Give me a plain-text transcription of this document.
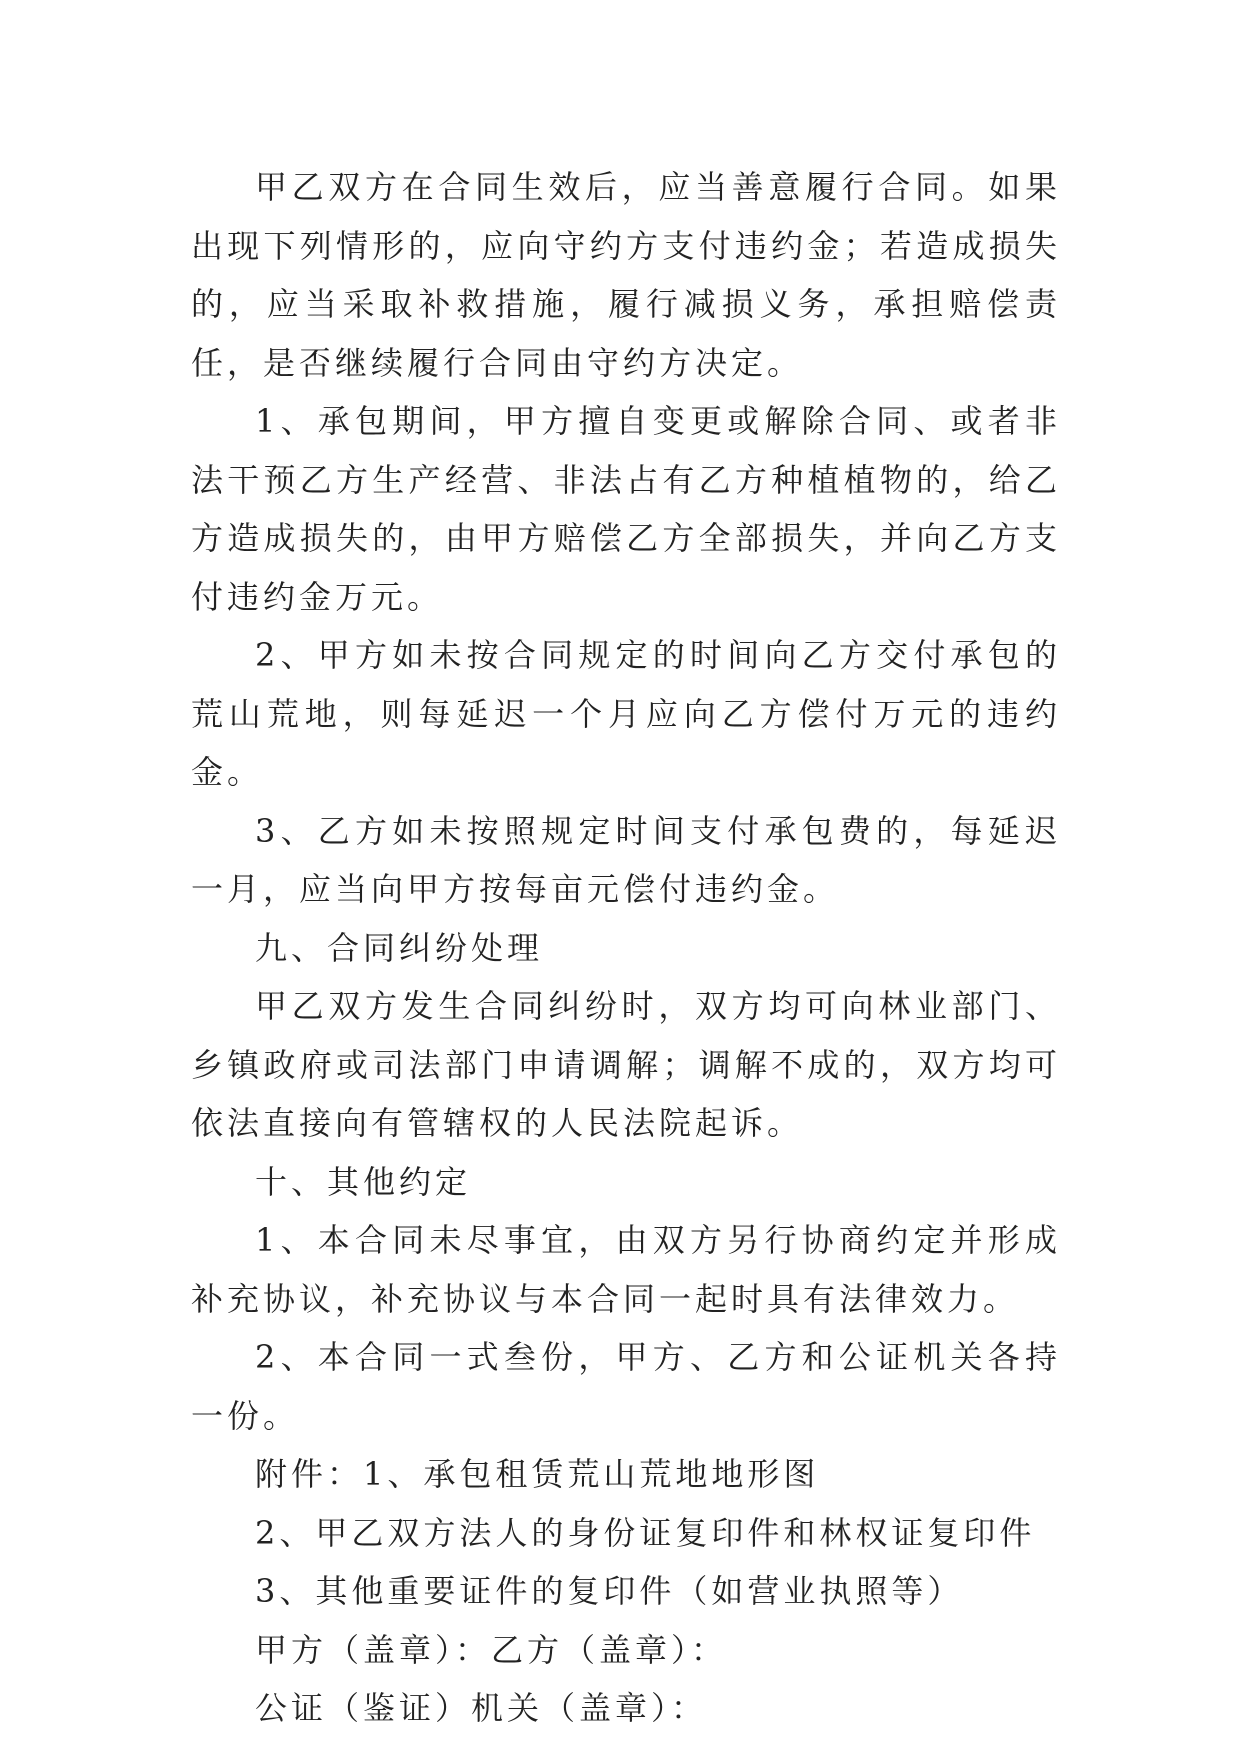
甲乙双方在合同生效后，应当善意履行合同。如果出现下列情形的，应向守约方支付违约金；若造成损失的，应当采取补救措施，履行减损义务，承担赔偿责任，是否继续履行合同由守约方决定。

1、承包期间，甲方擅自变更或解除合同、或者非法干预乙方生产经营、非法占有乙方种植植物的，给乙方造成损失的，由甲方赔偿乙方全部损失，并向乙方支付违约金万元。

2、甲方如未按合同规定的时间向乙方交付承包的荒山荒地，则每延迟一个月应向乙方偿付万元的违约金。

3、乙方如未按照规定时间支付承包费的，每延迟一月，应当向甲方按每亩元偿付违约金。

九、合同纠纷处理

甲乙双方发生合同纠纷时，双方均可向林业部门、乡镇政府或司法部门申请调解；调解不成的，双方均可依法直接向有管辖权的人民法院起诉。

十、其他约定

1、本合同未尽事宜，由双方另行协商约定并形成补充协议，补充协议与本合同一起时具有法律效力。

2、本合同一式叁份，甲方、乙方和公证机关各持一份。

附件：1、承包租赁荒山荒地地形图

2、甲乙双方法人的身份证复印件和林权证复印件

3、其他重要证件的复印件（如营业执照等）

甲方（盖章）：乙方（盖章）：

公证（鉴证）机关（盖章）：
